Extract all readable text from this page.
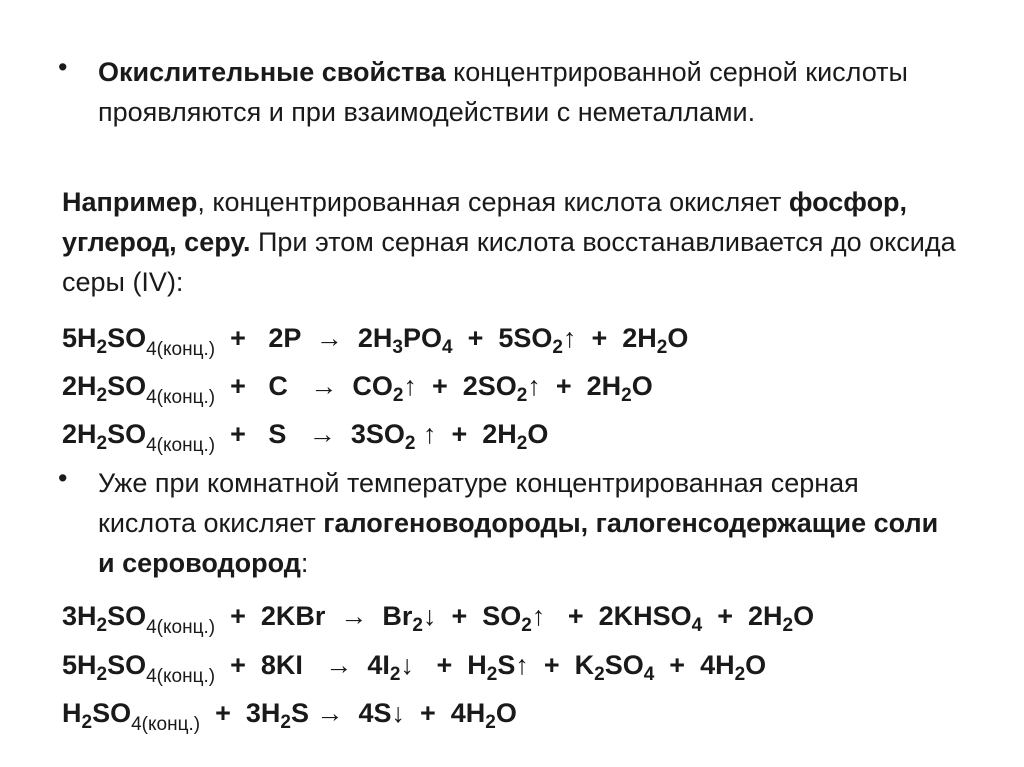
•	Окислительные свойства концентрированной серной кислоты проявляются и при взаимодействии с неметаллами.
Например, концентрированная серная кислота окисляет фосфор, углерод, серу. При этом серная кислота восстанавливается до оксида серы (IV):
$5H_2SO_{4(конц.)} + 2P \to 2H_3PO_4$  +  $5SO_2↑ + 2H_2O$
$2H_2SO_{4(конц.)} + C$   →  $CO_2↑$  +  $2SO_2↑ + 2H_2O$
$2H_2SO_{4(конц.)} + S \to 3SO_2$ ↑  +  $2H_2O$
•	Уже при комнатной температуре концентрированная серная кислота окисляет галогеноводороды, галогенсодержащие соли и сероводород:
$3H_2SO_{4(конц.)} + 2KBr$  →  $Br_2↓$  +  $SO_2↑$   +  $2KHSO_4 + 2H_2O$
$5H_2SO_{4(конц.)} + 8KI$   →  $4I_2↓$   +  $H_2S↑ + K_2SO_4 + 4H_2O$
$H_2SO_{4(конц.)} + 3H_2S$ →  4S↓  +  $4H_2O$
